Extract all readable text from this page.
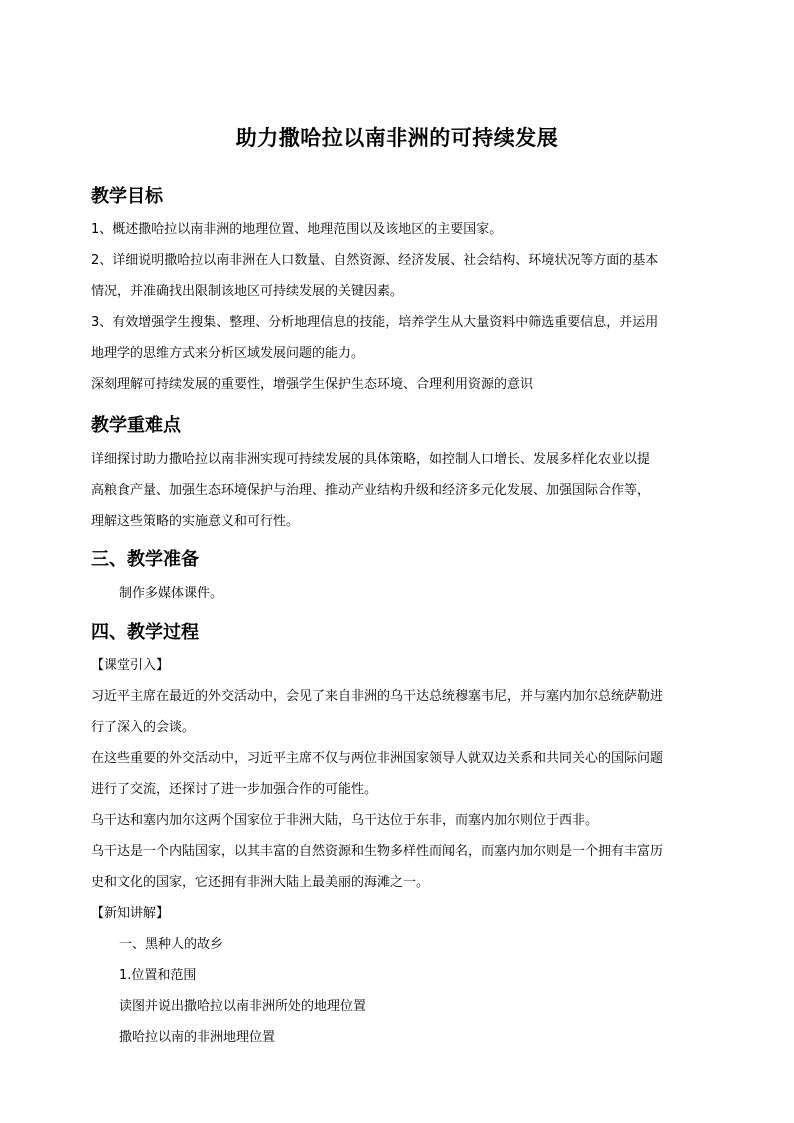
助力撒哈拉以南非洲的可持续发展
教学目标
1、概述撒哈拉以南非洲的地理位置、地理范围以及该地区的主要国家。
2、详细说明撒哈拉以南非洲在人口数量、自然资源、经济发展、社会结构、环境状况等方面的基本
情况，并准确找出限制该地区可持续发展的关键因素。
3、有效增强学生搜集、整理、分析地理信息的技能，培养学生从大量资料中筛选重要信息，并运用
地理学的思维方式来分析区域发展问题的能力。
深刻理解可持续发展的重要性，增强学生保护生态环境、合理利用资源的意识
教学重难点
详细探讨助力撒哈拉以南非洲实现可持续发展的具体策略，如控制人口增长、发展多样化农业以提
高粮食产量、加强生态环境保护与治理、推动产业结构升级和经济多元化发展、加强国际合作等，
理解这些策略的实施意义和可行性。
三、教学准备
制作多媒体课件。
四、教学过程
【课堂引入】
习近平主席在最近的外交活动中，会见了来自非洲的乌干达总统穆塞韦尼，并与塞内加尔总统萨勒进
行了深入的会谈。
在这些重要的外交活动中，习近平主席不仅与两位非洲国家领导人就双边关系和共同关心的国际问题
进行了交流，还探讨了进一步加强合作的可能性。
乌干达和塞内加尔这两个国家位于非洲大陆，乌干达位于东非，而塞内加尔则位于西非。
乌干达是一个内陆国家，以其丰富的自然资源和生物多样性而闻名，而塞内加尔则是一个拥有丰富历
史和文化的国家，它还拥有非洲大陆上最美丽的海滩之一。
【新知讲解】
一、黑种人的故乡
1.位置和范围
读图并说出撒哈拉以南非洲所处的地理位置
撒哈拉以南的非洲地理位置
